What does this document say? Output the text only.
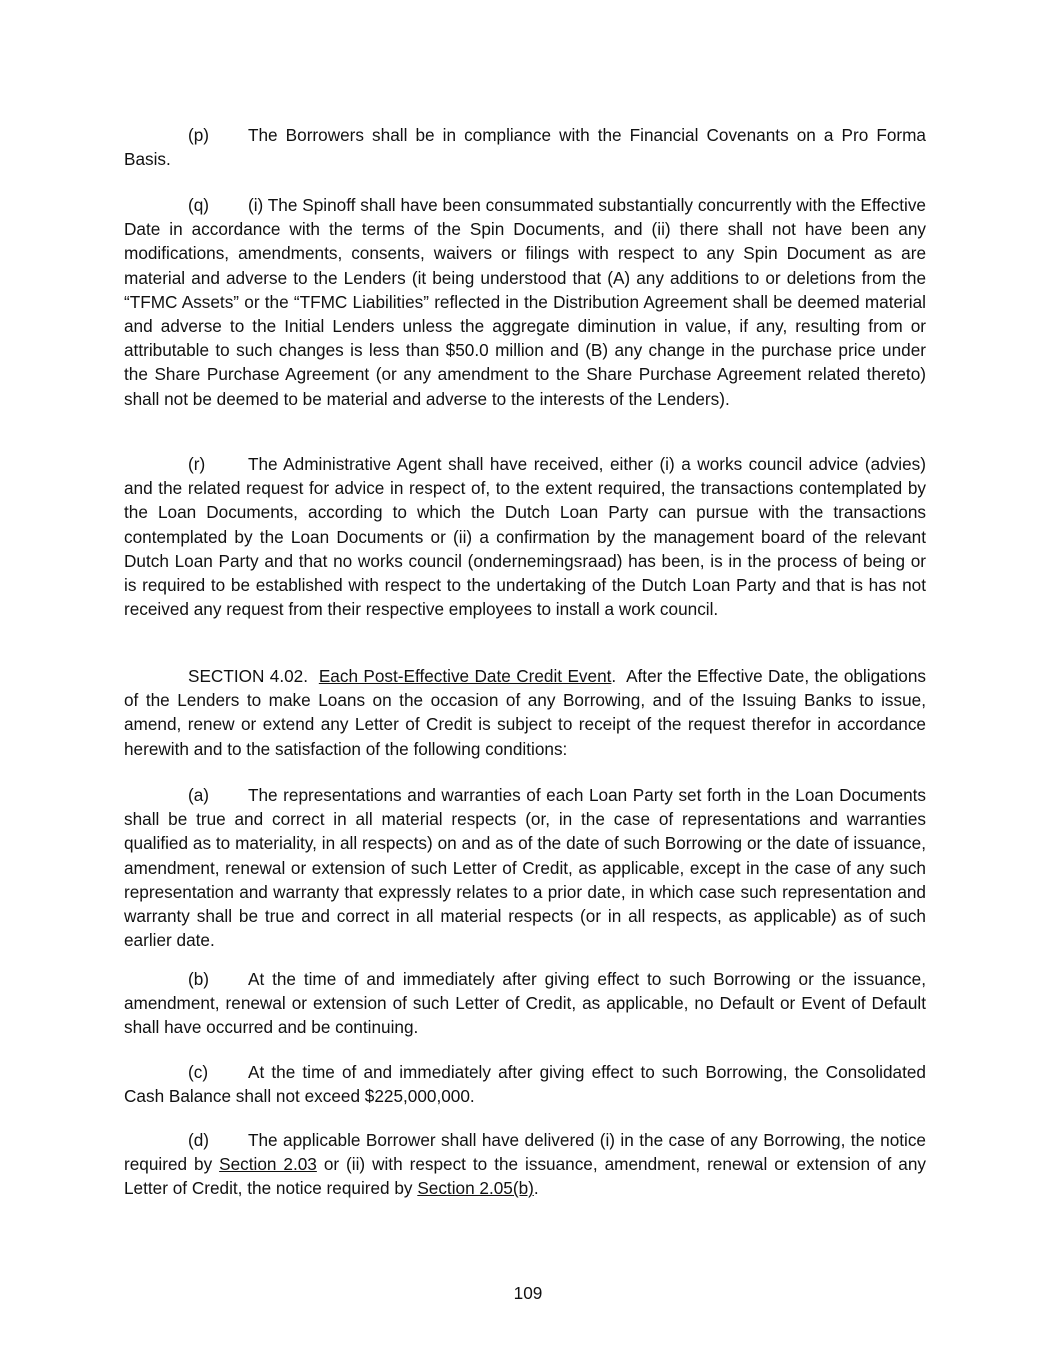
(p) The Borrowers shall be in compliance with the Financial Covenants on a Pro Forma Basis.

(q) (i) The Spinoff shall have been consummated substantially concurrently with the Effective Date in accordance with the terms of the Spin Documents, and (ii) there shall not have been any modifications, amendments, consents, waivers or filings with respect to any Spin Document as are material and adverse to the Lenders (it being understood that (A) any additions to or deletions from the “TFMC Assets” or the “TFMC Liabilities” reflected in the Distribution Agreement shall be deemed material and adverse to the Initial Lenders unless the aggregate diminution in value, if any, resulting from or attributable to such changes is less than $50.0 million and (B) any change in the purchase price under the Share Purchase Agreement (or any amendment to the Share Purchase Agreement related thereto) shall not be deemed to be material and adverse to the interests of the Lenders).

(r) The Administrative Agent shall have received, either (i) a works council advice (advies) and the related request for advice in respect of, to the extent required, the transactions contemplated by the Loan Documents, according to which the Dutch Loan Party can pursue with the transactions contemplated by the Loan Documents or (ii) a confirmation by the management board of the relevant Dutch Loan Party and that no works council (ondernemingsraad) has been, is in the process of being or is required to be established with respect to the undertaking of the Dutch Loan Party and that is has not received any request from their respective employees to install a work council.

SECTION 4.02. Each Post-Effective Date Credit Event. After the Effective Date, the obligations of the Lenders to make Loans on the occasion of any Borrowing, and of the Issuing Banks to issue, amend, renew or extend any Letter of Credit is subject to receipt of the request therefor in accordance herewith and to the satisfaction of the following conditions:

(a) The representations and warranties of each Loan Party set forth in the Loan Documents shall be true and correct in all material respects (or, in the case of representations and warranties qualified as to materiality, in all respects) on and as of the date of such Borrowing or the date of issuance, amendment, renewal or extension of such Letter of Credit, as applicable, except in the case of any such representation and warranty that expressly relates to a prior date, in which case such representation and warranty shall be true and correct in all material respects (or in all respects, as applicable) as of such earlier date.

(b) At the time of and immediately after giving effect to such Borrowing or the issuance, amendment, renewal or extension of such Letter of Credit, as applicable, no Default or Event of Default shall have occurred and be continuing.

(c) At the time of and immediately after giving effect to such Borrowing, the Consolidated Cash Balance shall not exceed $225,000,000.

(d) The applicable Borrower shall have delivered (i) in the case of any Borrowing, the notice required by Section 2.03 or (ii) with respect to the issuance, amendment, renewal or extension of any Letter of Credit, the notice required by Section 2.05(b).

109
